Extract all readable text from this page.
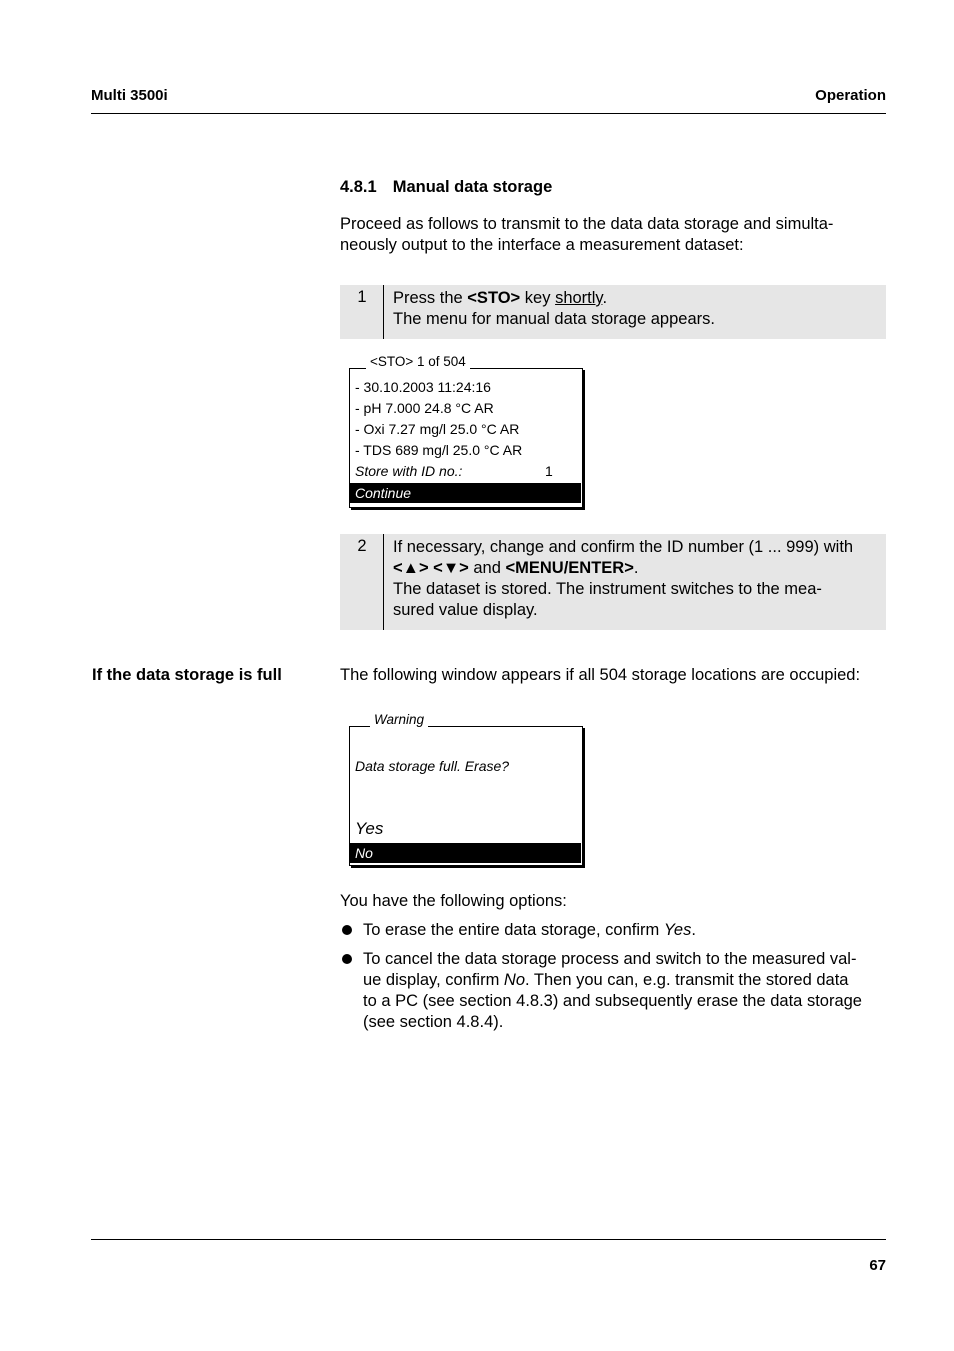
Multi 3500i	Operation
4.8.1 Manual data storage
Proceed as follows to transmit to the data data storage and simulta-
neously output to the interface a measurement dataset:
1	Press the <STO> key shortly.
The menu for manual data storage appears.
<STO> 1 of 504
- 30.10.2003 11:24:16
- pH 7.000 24.8 °C AR
- Oxi 7.27 mg/l 25.0 °C AR
- TDS 689 mg/l 25.0 °C AR
Store with ID no.:	1
Continue
2	If necessary, change and confirm the ID number (1 ... 999) with
<▲> <▼> and <MENU/ENTER>.
The dataset is stored. The instrument switches to the mea-
sured value display.
If the data storage is full	The following window appears if all 504 storage locations are occupied:
Warning
Data storage full. Erase?
Yes
No
You have the following options:
To erase the entire data storage, confirm Yes.
To cancel the data storage process and switch to the measured val-
ue display, confirm No. Then you can, e.g. transmit the stored data
to a PC (see section 4.8.3) and subsequently erase the data storage
(see section 4.8.4).
67
